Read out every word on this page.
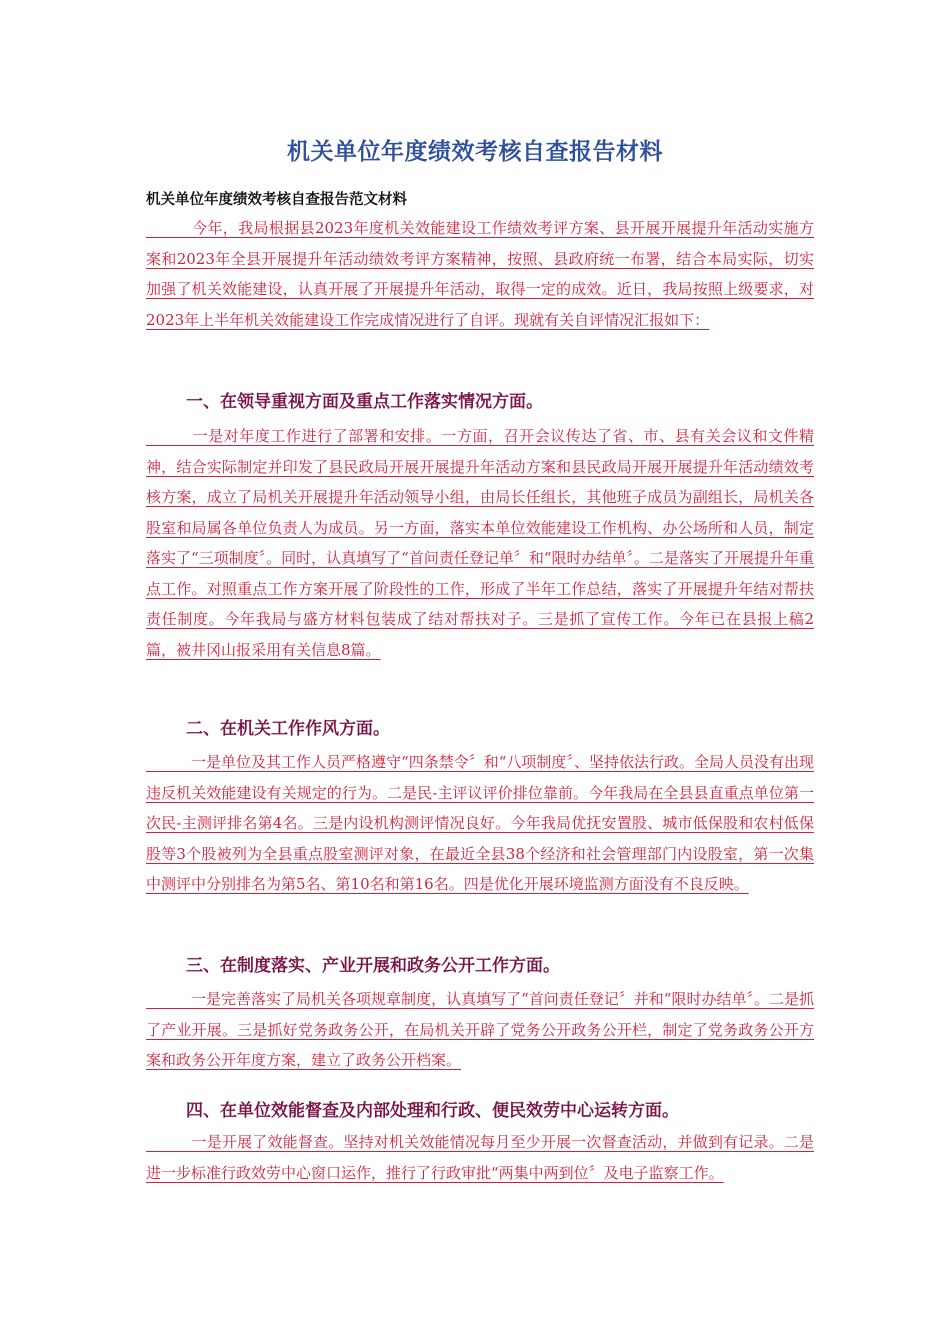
机关单位年度绩效考核自查报告材料
机关单位年度绩效考核自查报告范文材料
　　　今年，我局根据县2023年度机关效能建设工作绩效考评方案、县开展开展提升年活动实施方案和2023年全县开展提升年活动绩效考评方案精神，按照、县政府统一布署，结合本局实际，切实加强了机关效能建设，认真开展了开展提升年活动，取得一定的成效。近日，我局按照上级要求，对2023年上半年机关效能建设工作完成情况进行了自评。现就有关自评情况汇报如下：
一、在领导重视方面及重点工作落实情况方面。
　　　一是对年度工作进行了部署和安排。一方面，召开会议传达了省、市、县有关会议和文件精神，结合实际制定并印发了县民政局开展开展提升年活动方案和县民政局开展开展提升年活动绩效考核方案，成立了局机关开展提升年活动领导小组，由局长任组长，其他班子成员为副组长，局机关各股室和局属各单位负责人为成员。另一方面，落实本单位效能建设工作机构、办公场所和人员，制定落实了“三项制度〞。同时，认真填写了“首问责任登记单〞和“限时办结单〞。二是落实了开展提升年重点工作。对照重点工作方案开展了阶段性的工作，形成了半年工作总结，落实了开展提升年结对帮扶责任制度。今年我局与盛方材料包装成了结对帮扶对子。三是抓了宣传工作。今年已在县报上稿2篇，被井冈山报采用有关信息8篇。
二、在机关工作作风方面。
　　　一是单位及其工作人员严格遵守“四条禁令〞和“八项制度〞、坚持依法行政。全局人员没有出现违反机关效能建设有关规定的行为。二是民-主评议评价排位靠前。今年我局在全县县直重点单位第一次民-主测评排名第4名。三是内设机构测评情况良好。今年我局优抚安置股、城市低保股和农村低保股等3个股被列为全县重点股室测评对象，在最近全县38个经济和社会管理部门内设股室，第一次集中测评中分别排名为第5名、第10名和第16名。四是优化开展环境监测方面没有不良反映。
三、在制度落实、产业开展和政务公开工作方面。
　　　一是完善落实了局机关各项规章制度，认真填写了“首问责任登记〞并和“限时办结单〞。二是抓了产业开展。三是抓好党务政务公开，在局机关开辟了党务公开政务公开栏，制定了党务政务公开方案和政务公开年度方案，建立了政务公开档案。
四、在单位效能督查及内部处理和行政、便民效劳中心运转方面。
　　　一是开展了效能督查。坚持对机关效能情况每月至少开展一次督查活动，并做到有记录。二是进一步标准行政效劳中心窗口运作，推行了行政审批“两集中两到位〞及电子监察工作。
